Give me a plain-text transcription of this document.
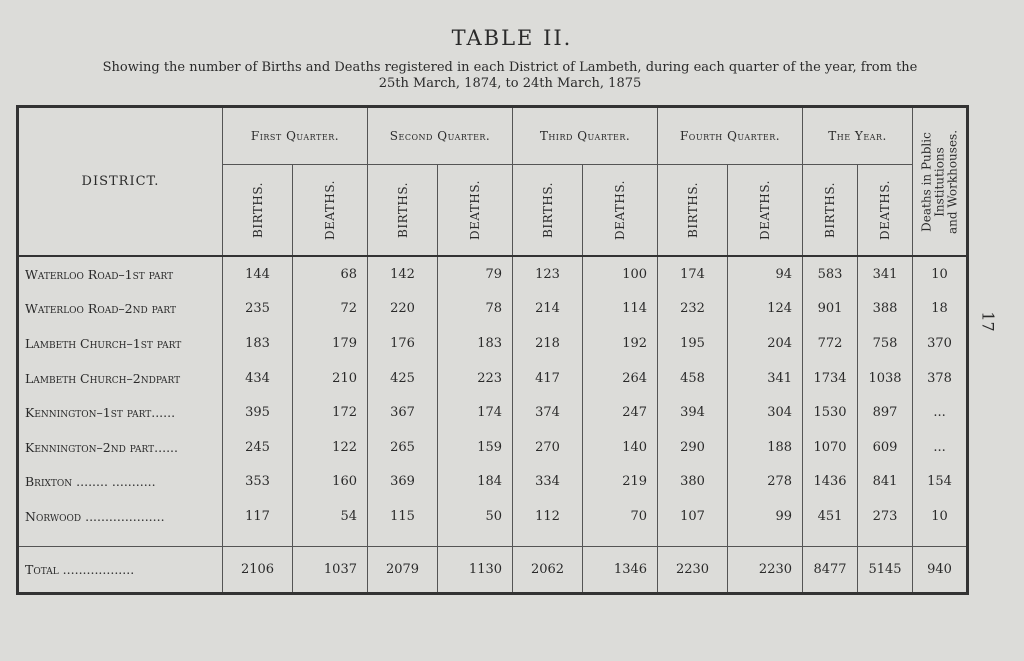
TABLE II.
Showing the number of Births and Deaths registered in each District of Lambeth, during each quarter of the year, from the
25th March, 1874, to 24th March, 1875
17
DISTRICT.	First Quarter.		Second Quarter.		Third Quarter.		Fourth Quarter.		The Year.		Deaths in Public
Institutions
and Workhouses.

	BIRTHS.	DEATHS.	BIRTHS.	DEATHS.	BIRTHS.	DEATHS.	BIRTHS.	DEATHS.	BIRTHS.	DEATHS.	

Waterloo Road–1st part	144	68	142	79	123	100	174	94	583	341	10
Waterloo Road–2nd part	235	72	220	78	214	114	232	124	901	388	18
Lambeth Church–1st part	183	179	176	183	218	192	195	204	772	758	370
Lambeth Church–2ndpart	434	210	425	223	417	264	458	341	1734	1038	378
Kennington–1st part......	395	172	367	174	374	247	394	304	1530	897	...
Kennington–2nd part......	245	122	265	159	270	140	290	188	1070	609	...
Brixton ........ ...........	353	160	369	184	334	219	380	278	1436	841	154
Norwood ....................	117	54	115	50	112	70	107	99	451	273	10

Total ..................	2106	1037	2079	1130	2062	1346	2230	2230	8477	5145	940
